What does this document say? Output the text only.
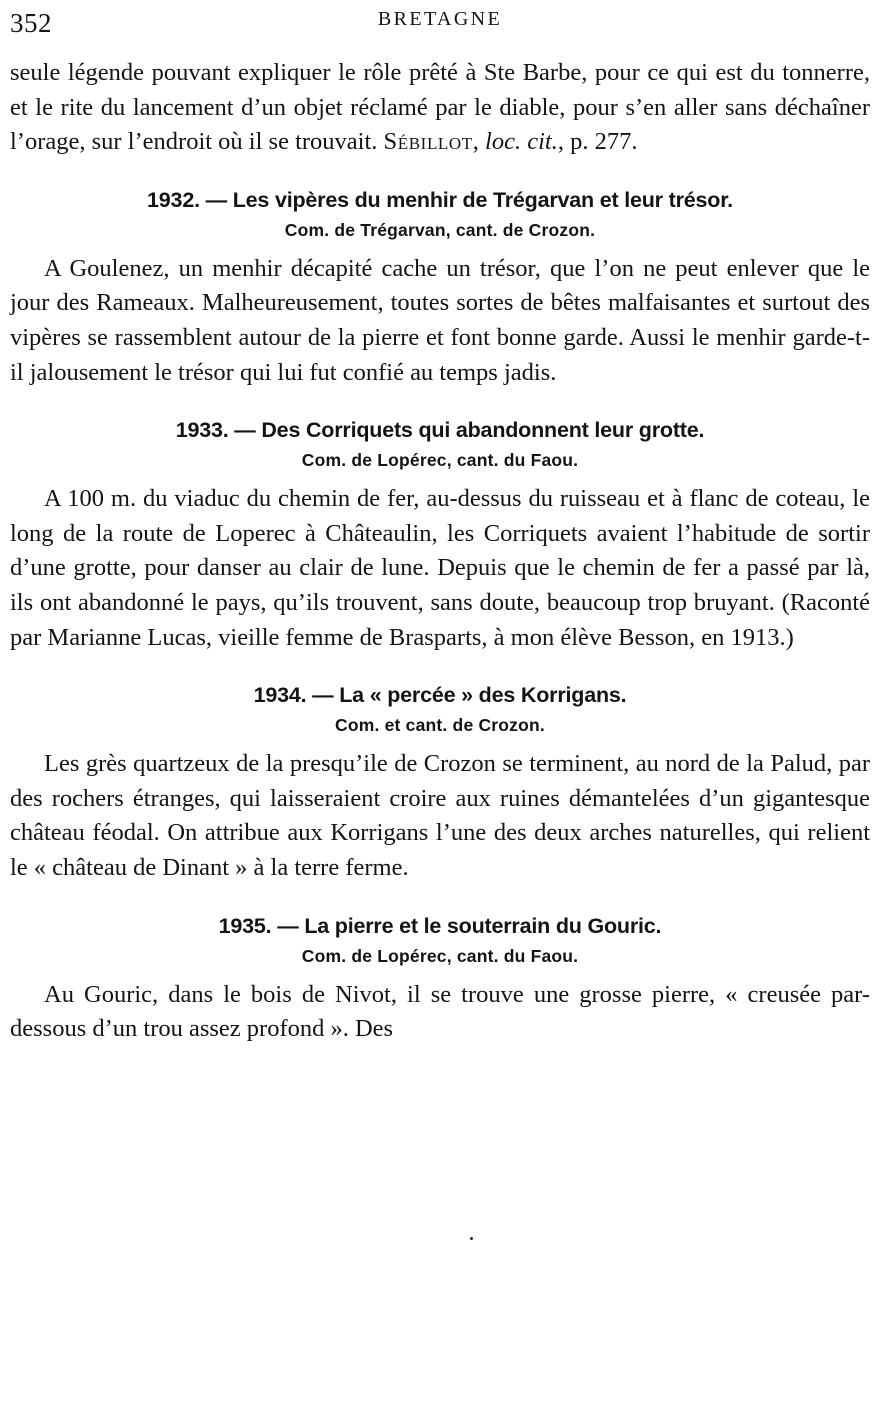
352	BRETAGNE

seule légende pouvant expliquer le rôle prêté à Ste Barbe, pour ce qui est du tonnerre, et le rite du lancement d’un objet réclamé par le diable, pour s’en aller sans déchaîner l’orage, sur l’endroit où il se trouvait. Sébillot, loc. cit., p. 277.

1932. — Les vipères du menhir de Trégarvan et leur trésor.

Com. de Trégarvan, cant. de Crozon.

A Goulenez, un menhir décapité cache un trésor, que l’on ne peut enlever que le jour des Rameaux. Malheureusement, toutes sortes de bêtes malfaisantes et surtout des vipères se rassemblent autour de la pierre et font bonne garde. Aussi le menhir garde-t-il jalousement le trésor qui lui fut confié au temps jadis.

1933. — Des Corriquets qui abandonnent leur grotte.

Com. de Lopérec, cant. du Faou.

A 100 m. du viaduc du chemin de fer, au-dessus du ruisseau et à flanc de coteau, le long de la route de Loperec à Châteaulin, les Corriquets avaient l’habitude de sortir d’une grotte, pour danser au clair de lune. Depuis que le chemin de fer a passé par là, ils ont abandonné le pays, qu’ils trouvent, sans doute, beaucoup trop bruyant. (Raconté par Marianne Lucas, vieille femme de Brasparts, à mon élève Besson, en 1913.)

1934. — La « percée » des Korrigans.

Com. et cant. de Crozon.

Les grès quartzeux de la presqu’ile de Crozon se terminent, au nord de la Palud, par des rochers étranges, qui laisseraient croire aux ruines démantelées d’un gigantesque château féodal. On attribue aux Korrigans l’une des deux arches naturelles, qui relient le « château de Dinant » à la terre ferme.

1935. — La pierre et le souterrain du Gouric.

Com. de Lopérec, cant. du Faou.

Au Gouric, dans le bois de Nivot, il se trouve une grosse pierre, « creusée par-dessous d’un trou assez profond ». Des
